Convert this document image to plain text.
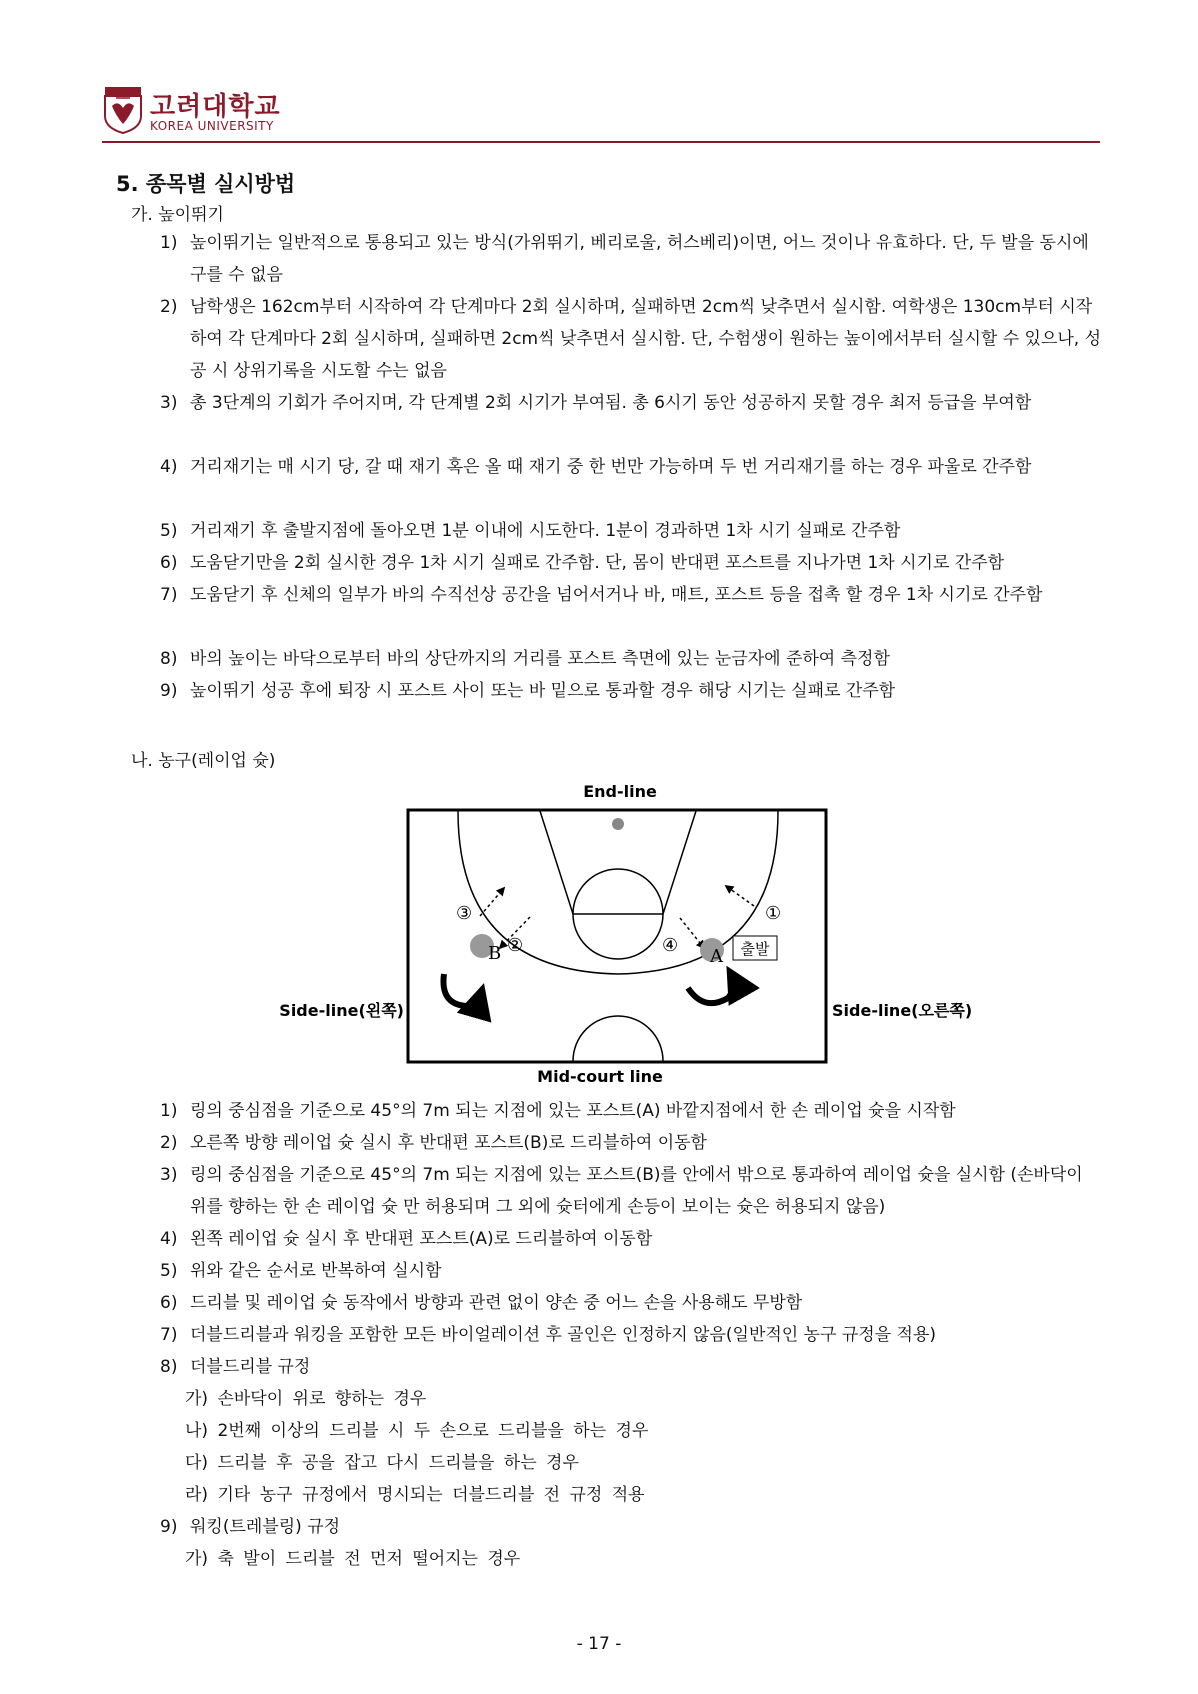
고려대학교
KOREA UNIVERSITY
5. 종목별 실시방법
가. 높이뛰기
1) 높이뛰기는 일반적으로 통용되고 있는 방식(가위뛰기, 베리로울, 허스베리)이면, 어느 것이나 유효하다. 단, 두 발을 동시에 구를 수 없음
2) 남학생은 162cm부터 시작하여 각 단계마다 2회 실시하며, 실패하면 2cm씩 낮추면서 실시함. 여학생은 130cm부터 시작하여 각 단계마다 2회 실시하며, 실패하면 2cm씩 낮추면서 실시함. 단, 수험생이 원하는 높이에서부터 실시할 수 있으나, 성공 시 상위기록을 시도할 수는 없음
3) 총 3단계의 기회가 주어지며, 각 단계별 2회 시기가 부여됨. 총 6시기 동안 성공하지 못할 경우 최저 등급을 부여함
4) 거리재기는 매 시기 당, 갈 때 재기 혹은 올 때 재기 중 한 번만 가능하며 두 번 거리재기를 하는 경우 파울로 간주함
5) 거리재기 후 출발지점에 돌아오면 1분 이내에 시도한다. 1분이 경과하면 1차 시기 실패로 간주함
6) 도움닫기만을 2회 실시한 경우 1차 시기 실패로 간주함. 단, 몸이 반대편 포스트를 지나가면 1차 시기로 간주함
7) 도움닫기 후 신체의 일부가 바의 수직선상 공간을 넘어서거나 바, 매트, 포스트 등을 접촉 할 경우 1차 시기로 간주함
8) 바의 높이는 바닥으로부터 바의 상단까지의 거리를 포스트 측면에 있는 눈금자에 준하여 측정함
9) 높이뛰기 성공 후에 퇴장 시 포스트 사이 또는 바 밑으로 통과할 경우 해당 시기는 실패로 간주함
나. 농구(레이업 슛)
End-line
①
②
③
④
B	A 출발
Side-line(왼쪽)	Side-line(오른쪽)
Mid-court line
1) 링의 중심점을 기준으로 45°의 7m 되는 지점에 있는 포스트(A) 바깥지점에서 한 손 레이업 슛을 시작함
2) 오른쪽 방향 레이업 슛 실시 후 반대편 포스트(B)로 드리블하여 이동함
3) 링의 중심점을 기준으로 45°의 7m 되는 지점에 있는 포스트(B)를 안에서 밖으로 통과하여 레이업 슛을 실시함 (손바닥이 위를 향하는 한 손 레이업 슛 만 허용되며 그 외에 슛터에게 손등이 보이는 슛은 허용되지 않음)
4) 왼쪽 레이업 슛 실시 후 반대편 포스트(A)로 드리블하여 이동함
5) 위와 같은 순서로 반복하여 실시함
6) 드리블 및 레이업 슛 동작에서 방향과 관련 없이 양손 중 어느 손을 사용해도 무방함
7) 더블드리블과 워킹을 포함한 모든 바이얼레이션 후 골인은 인정하지 않음(일반적인 농구 규정을 적용)
8) 더블드리블 규정
가) 손바닥이 위로 향하는 경우
나) 2번째 이상의 드리블 시 두 손으로 드리블을 하는 경우
다) 드리블 후 공을 잡고 다시 드리블을 하는 경우
라) 기타 농구 규정에서 명시되는 더블드리블 전 규정 적용
9) 워킹(트레블링) 규정
가) 축 발이 드리블 전 먼저 떨어지는 경우
- 17 -
